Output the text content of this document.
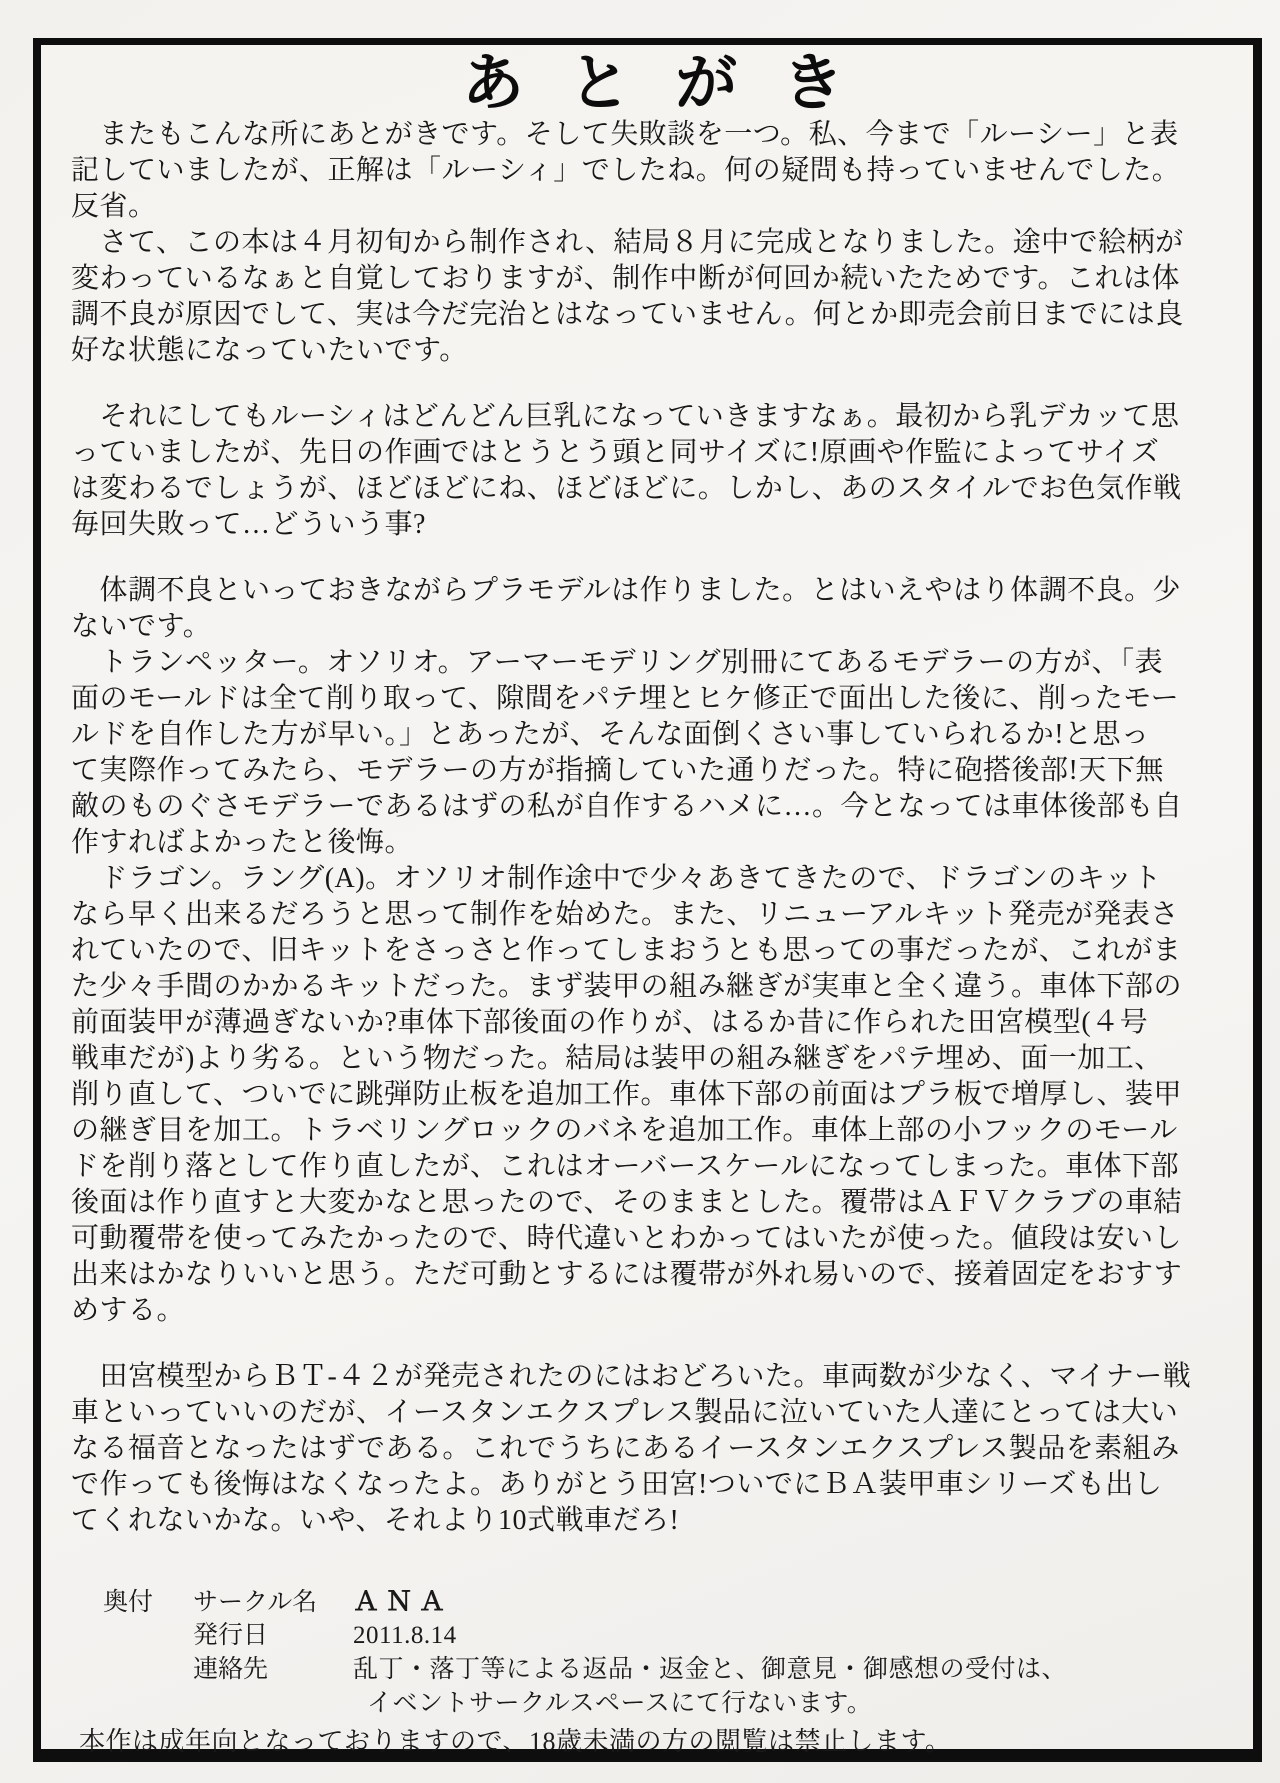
あとがき
　またもこんな所にあとがきです。そして失敗談を一つ。私、今まで「ルーシー」と表
記していましたが、正解は「ルーシィ」でしたね。何の疑問も持っていませんでした。
反省。
　さて、この本は４月初旬から制作され、結局８月に完成となりました。途中で絵柄が
変わっているなぁと自覚しておりますが、制作中断が何回か続いたためです。これは体
調不良が原因でして、実は今だ完治とはなっていません。何とか即売会前日までには良
好な状態になっていたいです。
　それにしてもルーシィはどんどん巨乳になっていきますなぁ。最初から乳デカッて思
っていましたが、先日の作画ではとうとう頭と同サイズに!原画や作監によってサイズ
は変わるでしょうが、ほどほどにね、ほどほどに。しかし、あのスタイルでお色気作戦
毎回失敗って…どういう事?
　体調不良といっておきながらプラモデルは作りました。とはいえやはり体調不良。少
ないです。
　トランペッター。オソリオ。アーマーモデリング別冊にてあるモデラーの方が、「表
面のモールドは全て削り取って、隙間をパテ埋とヒケ修正で面出した後に、削ったモー
ルドを自作した方が早い。」とあったが、そんな面倒くさい事していられるか!と思っ
て実際作ってみたら、モデラーの方が指摘していた通りだった。特に砲搭後部!天下無
敵のものぐさモデラーであるはずの私が自作するハメに…。今となっては車体後部も自
作すればよかったと後悔。
　ドラゴン。ラング(A)。オソリオ制作途中で少々あきてきたので、ドラゴンのキット
なら早く出来るだろうと思って制作を始めた。また、リニューアルキット発売が発表さ
れていたので、旧キットをさっさと作ってしまおうとも思っての事だったが、これがま
た少々手間のかかるキットだった。まず装甲の組み継ぎが実車と全く違う。車体下部の
前面装甲が薄過ぎないか?車体下部後面の作りが、はるか昔に作られた田宮模型(４号
戦車だが)より劣る。という物だった。結局は装甲の組み継ぎをパテ埋め、面一加工、
削り直して、ついでに跳弾防止板を追加工作。車体下部の前面はプラ板で増厚し、装甲
の継ぎ目を加工。トラベリングロックのバネを追加工作。車体上部の小フックのモール
ドを削り落として作り直したが、これはオーバースケールになってしまった。車体下部
後面は作り直すと大変かなと思ったので、そのままとした。覆帯はＡＦＶクラブの車結
可動覆帯を使ってみたかったので、時代違いとわかってはいたが使った。値段は安いし
出来はかなりいいと思う。ただ可動とするには覆帯が外れ易いので、接着固定をおすす
めする。
　田宮模型からＢＴ-４２が発売されたのにはおどろいた。車両数が少なく、マイナー戦
車といっていいのだが、イースタンエクスプレス製品に泣いていた人達にとっては大い
なる福音となったはずである。これでうちにあるイースタンエクスプレス製品を素組み
で作っても後悔はなくなったよ。ありがとう田宮!ついでにＢＡ装甲車シリーズも出し
てくれないかな。いや、それより10式戦車だろ!
奥付	サークル名	ＡＮＡ
発行日	2011.8.14
連絡先	乱丁・落丁等による返品・返金と、御意見・御感想の受付は、
イベントサークルスペースにて行ないます。
本作は成年向となっておりますので、18歳未満の方の閲覧は禁止します。
